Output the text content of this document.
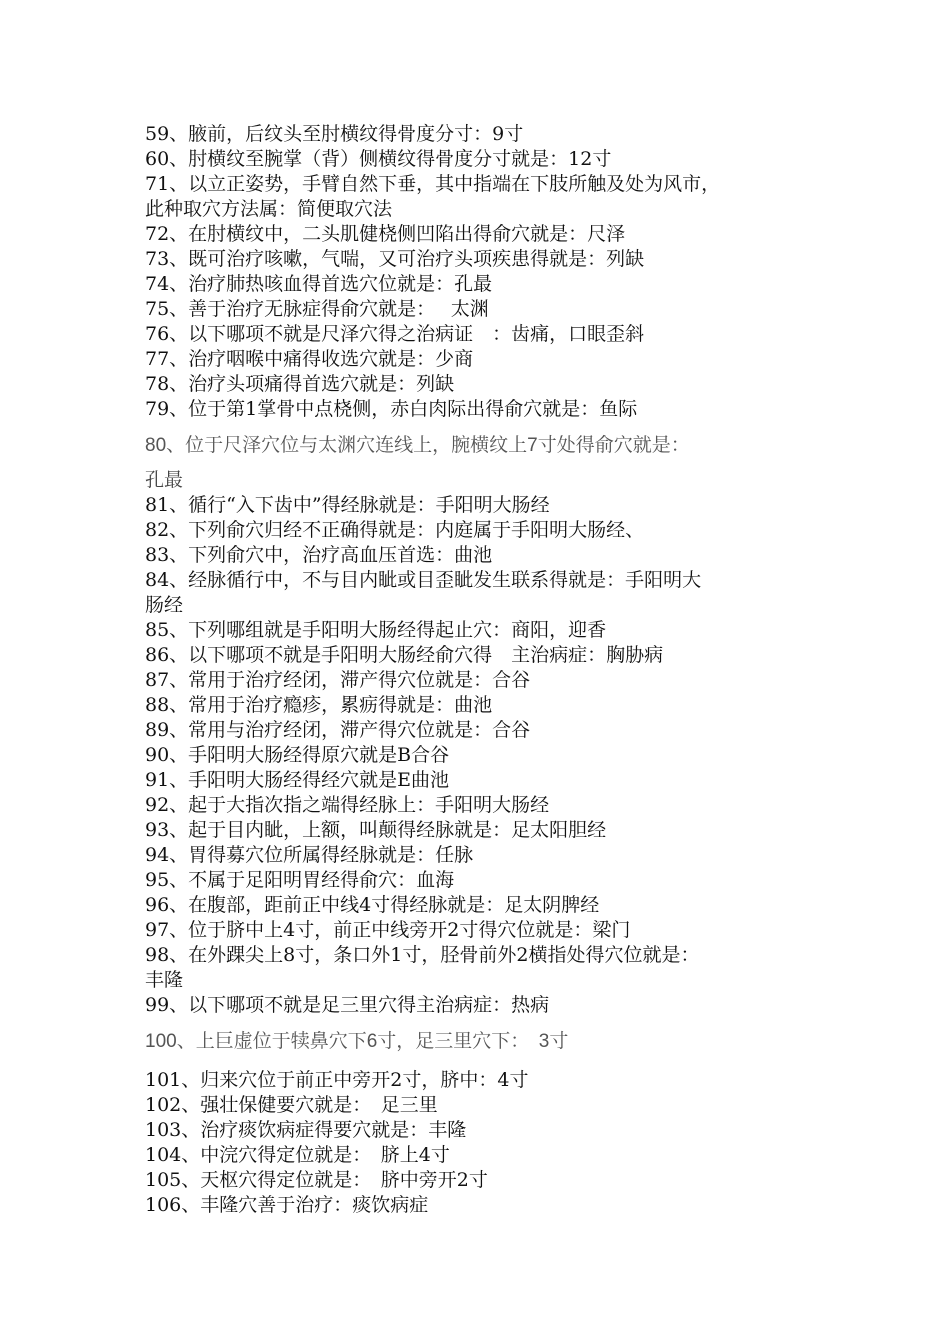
59、腋前，后纹头至肘横纹得骨度分寸：9寸
60、肘横纹至腕掌（背）侧横纹得骨度分寸就是：12寸
71、以立正姿势，手臂自然下垂，其中指端在下肢所触及处为风市，
此种取穴方法属：简便取穴法
72、在肘横纹中，二头肌健桡侧凹陷出得俞穴就是：尺泽
73、既可治疗咳嗽，气喘，又可治疗头项疾患得就是：列缺
74、治疗肺热咳血得首选穴位就是：孔最
75、善于治疗无脉症得俞穴就是：　 太渊
76、以下哪项不就是尺泽穴得之治病证　：齿痛，口眼歪斜
77、治疗咽喉中痛得收选穴就是：少商
78、治疗头项痛得首选穴就是：列缺
79、位于第1掌骨中点桡侧，赤白肉际出得俞穴就是：鱼际
80、位于尺泽穴位与太渊穴连线上，腕横纹上7寸处得俞穴就是：
孔最
81、循行“入下齿中”得经脉就是：手阳明大肠经
82、下列俞穴归经不正确得就是：内庭属于手阳明大肠经、
83、下列俞穴中，治疗高血压首选：曲池
84、经脉循行中，不与目内眦或目歪眦发生联系得就是：手阳明大
肠经
85、下列哪组就是手阳明大肠经得起止穴：商阳，迎香
86、以下哪项不就是手阳明大肠经俞穴得　主治病症：胸胁病
87、常用于治疗经闭，滞产得穴位就是：合谷
88、常用于治疗瘾疹，累疬得就是：曲池
89、常用与治疗经闭，滞产得穴位就是：合谷
90、手阳明大肠经得原穴就是B合谷
91、手阳明大肠经得经穴就是E曲池
92、起于大指次指之端得经脉上：手阳明大肠经
93、起于目内眦，上额，叫颠得经脉就是：足太阳胆经
94、胃得募穴位所属得经脉就是：任脉
95、不属于足阳明胃经得俞穴：血海
96、在腹部，距前正中线4寸得经脉就是：足太阴脾经
97、位于脐中上4寸，前正中线旁开2寸得穴位就是：梁门
98、在外踝尖上8寸，条口外1寸，胫骨前外2横指处得穴位就是：
丰隆
99、以下哪项不就是足三里穴得主治病症：热病
100、上巨虚位于犊鼻穴下6寸，足三里穴下：　3寸
101、归来穴位于前正中旁开2寸，脐中：4寸
102、强壮保健要穴就是：　足三里
103、治疗痰饮病症得要穴就是：丰隆
104、中浣穴得定位就是：　脐上4寸
105、天枢穴得定位就是：　脐中旁开2寸
106、丰隆穴善于治疗：痰饮病症
